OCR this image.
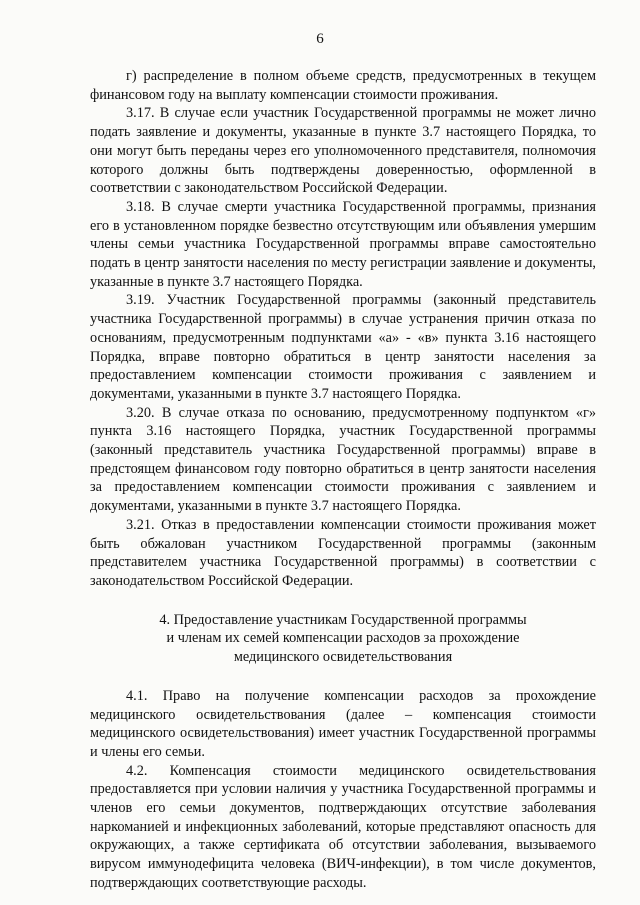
6

г) распределение в полном объеме средств, предусмотренных в текущем финансовом году на выплату компенсации стоимости проживания.

3.17. В случае если участник Государственной программы не может лично подать заявление и документы, указанные в пункте 3.7 настоящего Порядка, то они могут быть переданы через его уполномоченного представителя, полномочия которого должны быть подтверждены доверенностью, оформленной в соответствии с законодательством Российской Федерации.

3.18. В случае смерти участника Государственной программы, признания его в установленном порядке безвестно отсутствующим или объявления умершим члены семьи участника Государственной программы вправе самостоятельно подать в центр занятости населения по месту регистрации заявление и документы, указанные в пункте 3.7 настоящего Порядка.

3.19. Участник Государственной программы (законный представитель участника Государственной программы) в случае устранения причин отказа по основаниям, предусмотренным подпунктами «а» - «в» пункта 3.16 настоящего Порядка, вправе повторно обратиться в центр занятости населения за предоставлением компенсации стоимости проживания с заявлением и документами, указанными в пункте 3.7 настоящего Порядка.

3.20. В случае отказа по основанию, предусмотренному подпунктом «г» пункта 3.16 настоящего Порядка, участник Государственной программы (законный представитель участника Государственной программы) вправе в предстоящем финансовом году повторно обратиться в центр занятости населения за предоставлением компенсации стоимости проживания с заявлением и документами, указанными в пункте 3.7 настоящего Порядка.

3.21. Отказ в предоставлении компенсации стоимости проживания может быть обжалован участником Государственной программы (законным представителем участника Государственной программы) в соответствии с законодательством Российской Федерации.

4. Предоставление участникам Государственной программы
и членам их семей компенсации расходов за прохождение
медицинского освидетельствования

4.1. Право на получение компенсации расходов за прохождение медицинского освидетельствования (далее – компенсация стоимости медицинского освидетельствования) имеет участник Государственной программы и члены его семьи.

4.2. Компенсация стоимости медицинского освидетельствования предоставляется при условии наличия у участника Государственной программы и членов его семьи документов, подтверждающих отсутствие заболевания наркоманией и инфекционных заболеваний, которые представляют опасность для окружающих, а также сертификата об отсутствии заболевания, вызываемого вирусом иммунодефицита человека (ВИЧ-инфекции), в том числе документов, подтверждающих соответствующие расходы.
